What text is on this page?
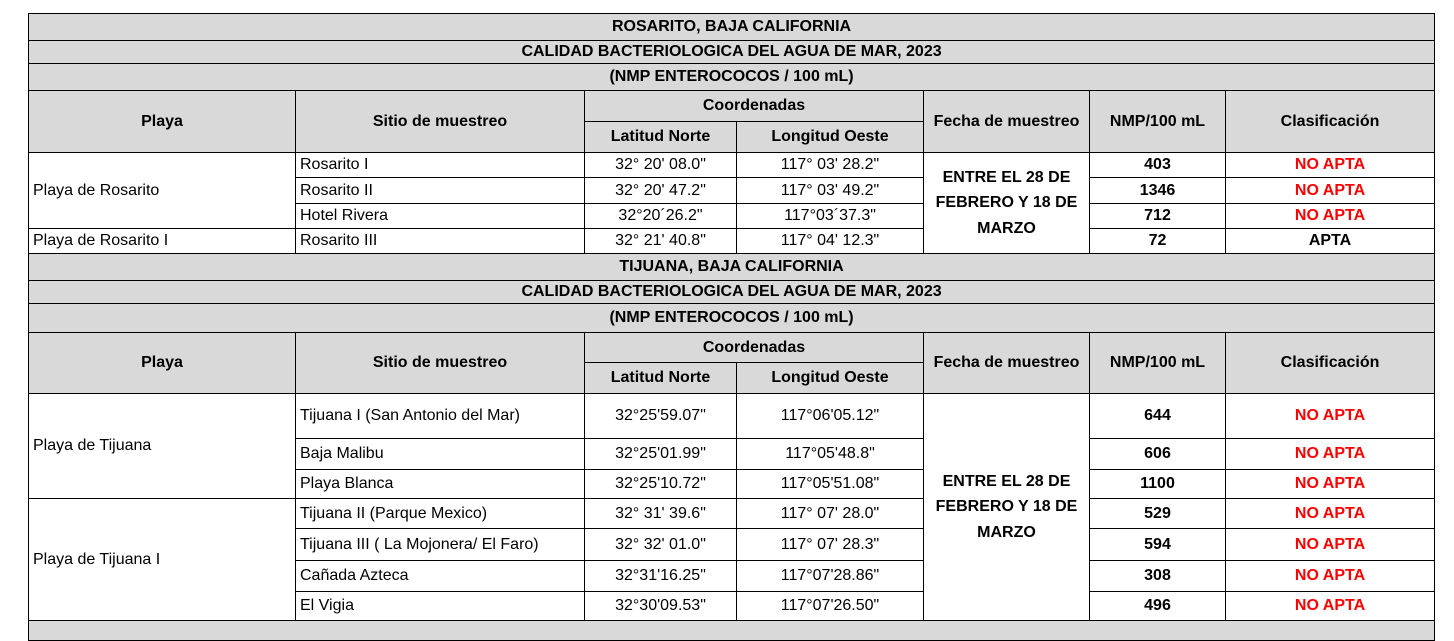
ROSARITO, BAJA CALIFORNIA						
CALIDAD BACTERIOLOGICA DEL AGUA DE MAR, 2023						
(NMP ENTEROCOCOS / 100 mL)						
Playa	Sitio de muestreo	Coordenadas		Fecha de muestreo	NMP/100 mL	Clasificación
		Latitud Norte	Longitud Oeste			
Playa de Rosarito	Rosarito I	32° 20' 08.0"	117° 03' 28.2"	ENTRE EL 28 DE FEBRERO Y 18 DE MARZO	403	NO APTA
	Rosarito II	32° 20' 47.2"	117° 03' 49.2"		1346	NO APTA
	Hotel Rivera	32°20´26.2"	117°03´37.3"		712	NO APTA
Playa de Rosarito I	Rosarito III	32° 21' 40.8"	117° 04' 12.3"		72	APTA
TIJUANA, BAJA CALIFORNIA						
CALIDAD BACTERIOLOGICA DEL AGUA DE MAR, 2023						
(NMP ENTEROCOCOS / 100 mL)						
Playa	Sitio de muestreo	Coordenadas		Fecha de muestreo	NMP/100 mL	Clasificación
		Latitud Norte	Longitud Oeste			
Playa de Tijuana	Tijuana I (San Antonio del Mar)	32°25'59.07"	117°06'05.12"	ENTRE EL 28 DE FEBRERO Y 18 DE MARZO	644	NO APTA
	Baja Malibu	32°25'01.99"	117°05'48.8"		606	NO APTA
	Playa Blanca	32°25'10.72"	117°05'51.08"		1100	NO APTA
Playa de Tijuana I	Tijuana II (Parque Mexico)	32° 31' 39.6"	117° 07' 28.0"		529	NO APTA
	Tijuana III ( La Mojonera/ El Faro)	32° 32' 01.0"	117° 07' 28.3"		594	NO APTA
	Cañada Azteca	32°31'16.25"	117°07'28.86"		308	NO APTA
	El Vigia	32°30'09.53"	117°07'26.50"		496	NO APTA
